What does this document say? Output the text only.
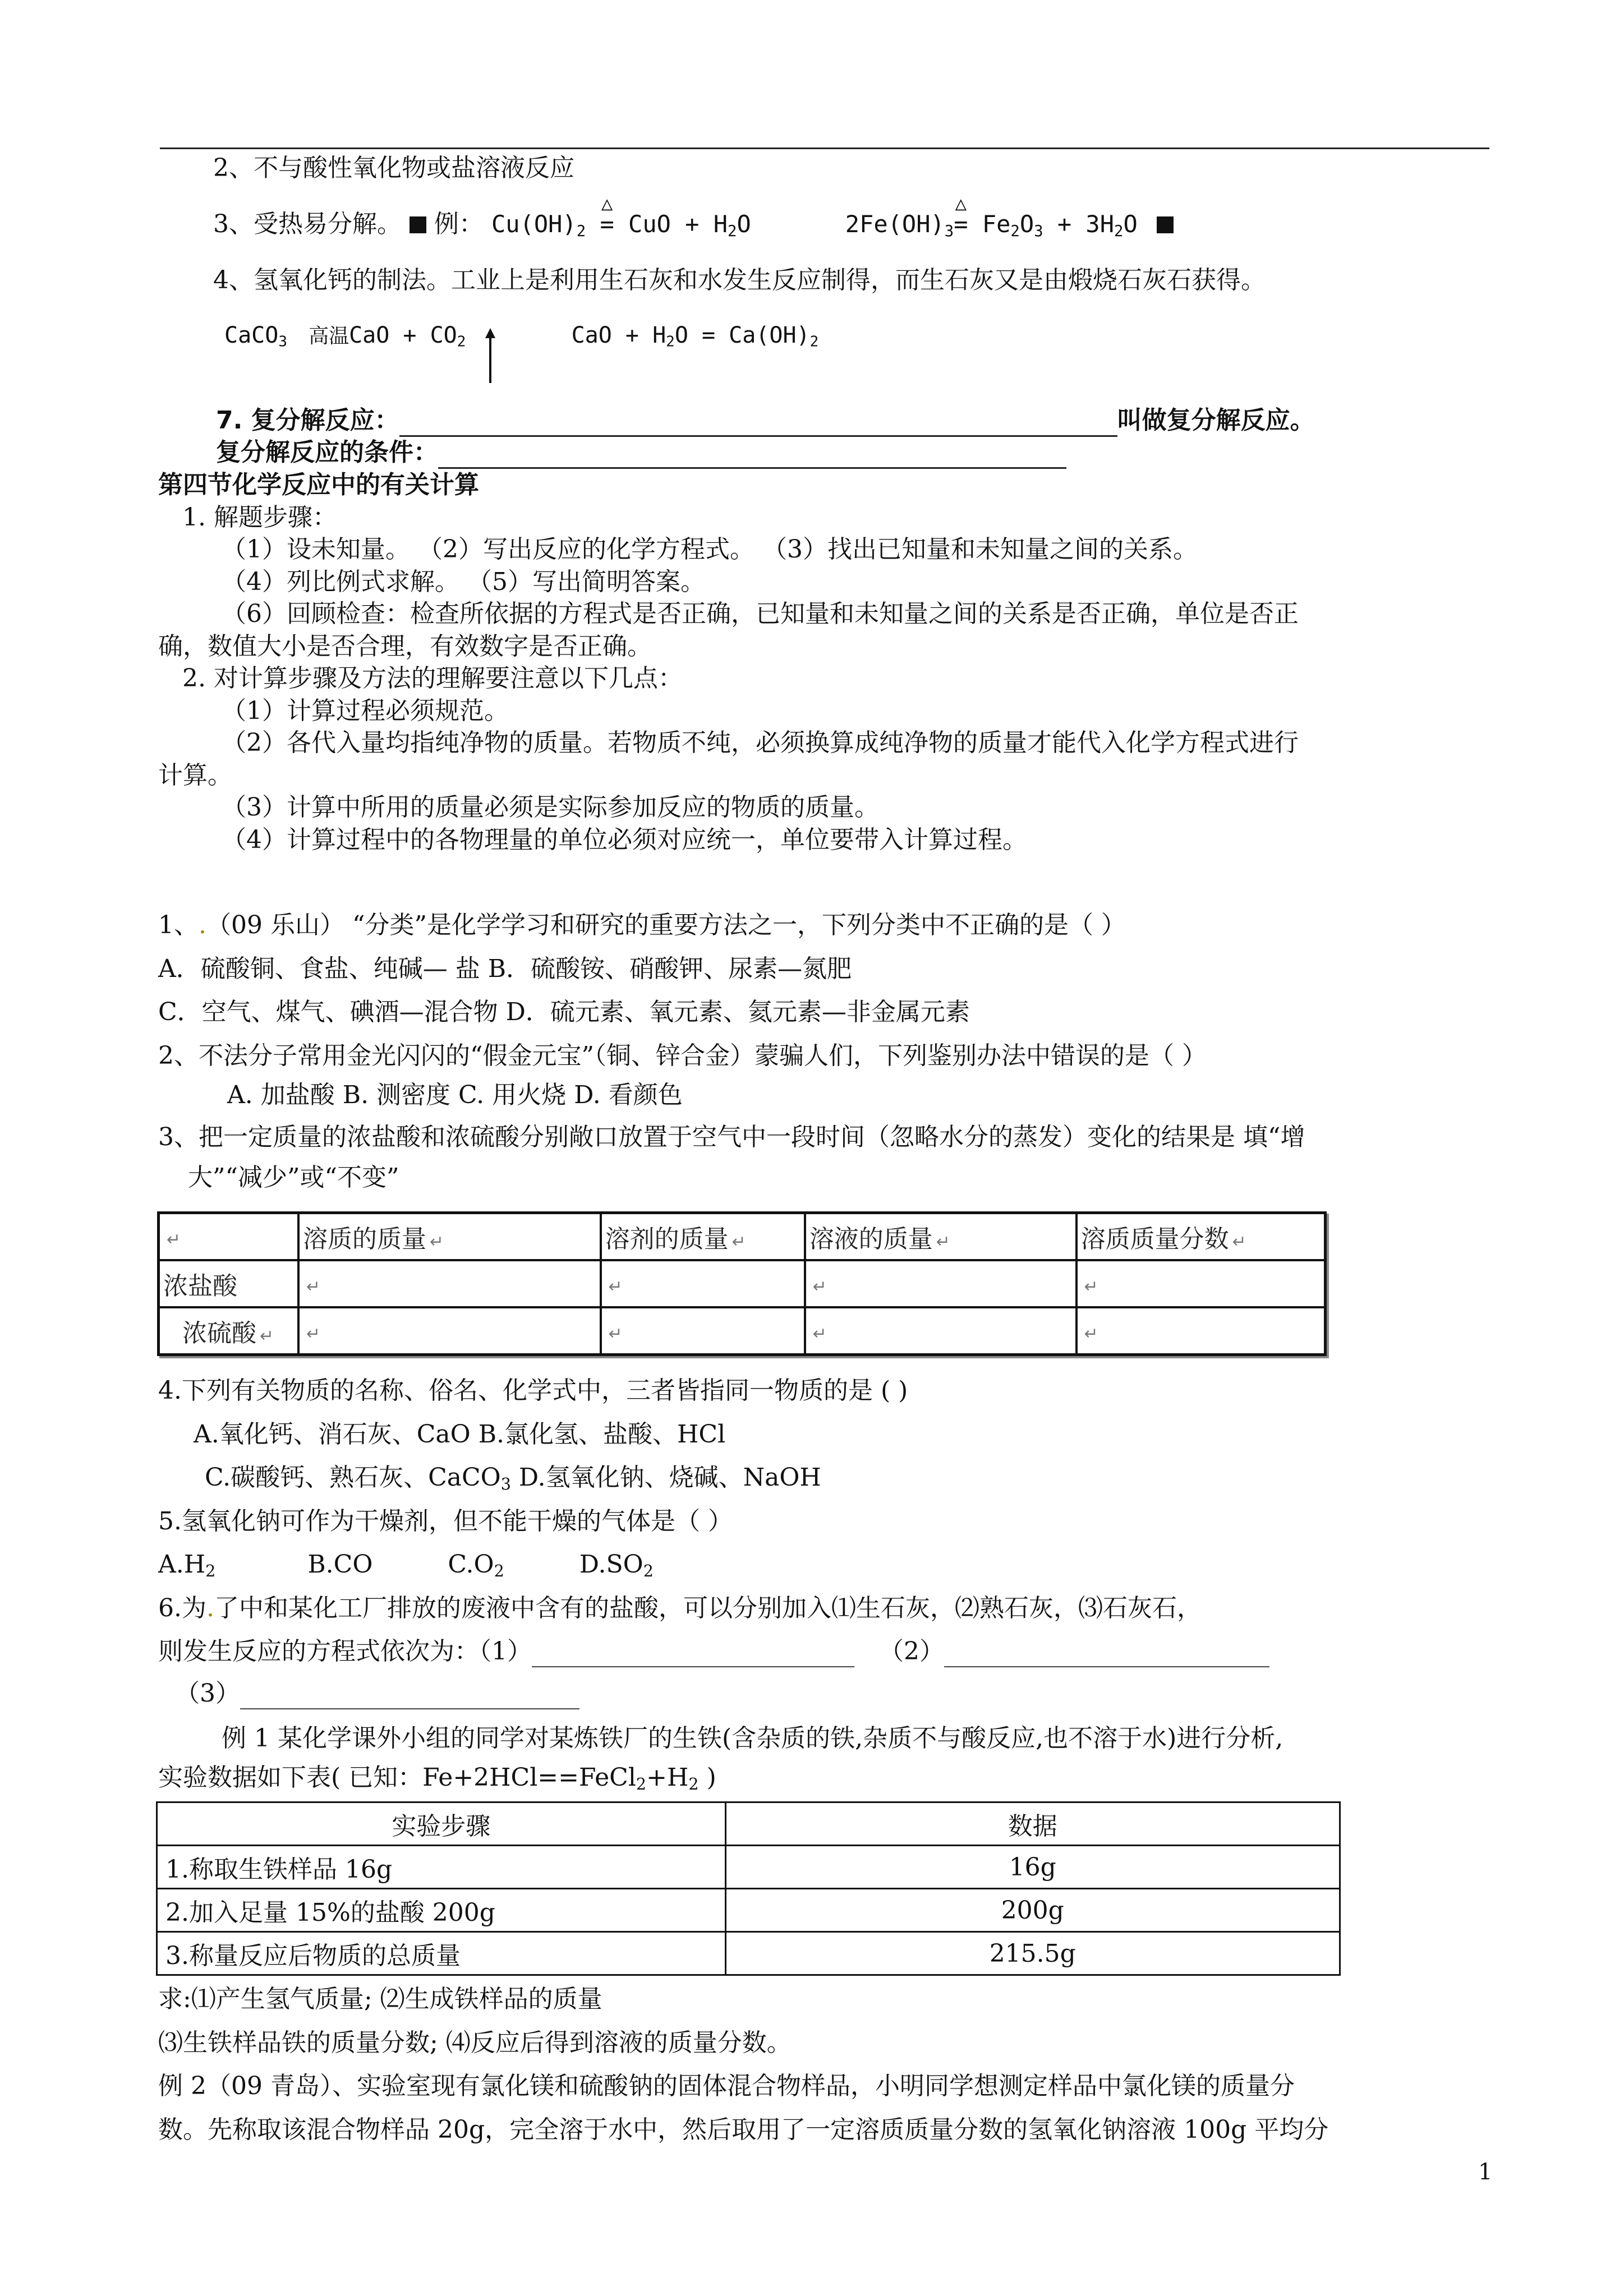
2、不与酸性氧化物或盐溶液反应
3、受热易分解。 例： $Cu(OH)_2$
△
= CuO + $H_2O$	$2Fe(OH)_3$
△
= $Fe_2O_3 + 3H_2O$
4、氢氧化钙的制法。工业上是利用生石灰和水发生反应制得，而生石灰又是由煅烧石灰石获得。
CaCO$_3$ 高温CaO + $CO_2$	CaO + $H_2O = Ca(OH)_2$
7. 复分解反应：	叫做复分解反应。
复分解反应的条件：
第四节化学反应中的有关计算
1. 解题步骤：
（1）设未知量。 （2）写出反应的化学方程式。 （3）找出已知量和未知量之间的关系。
（4）列比例式求解。 （5）写出简明答案。
（6）回顾检查：检查所依据的方程式是否正确，已知量和未知量之间的关系是否正确，单位是否正
确，数值大小是否合理，有效数字是否正确。
2. 对计算步骤及方法的理解要注意以下几点：
（1）计算过程必须规范。
（2）各代入量均指纯净物的质量。若物质不纯，必须换算成纯净物的质量才能代入化学方程式进行
计算。
（3）计算中所用的质量必须是实际参加反应的物质的质量。
（4）计算过程中的各物理量的单位必须对应统一，单位要带入计算过程。
1、.（09 乐山） “分类”是化学学习和研究的重要方法之一，下列分类中不正确的是（ ）
A．硫酸铜、食盐、纯碱— 盐 B．硫酸铵、硝酸钾、尿素—氮肥
C．空气、煤气、碘酒—混合物 D．硫元素、氧元素、氦元素—非金属元素
2、不法分子常用金光闪闪的“假金元宝”（铜、锌合金）蒙骗人们，下列鉴别办法中错误的是（ ）
A. 加盐酸 B. 测密度 C. 用火烧 D. 看颜色
3、把一定质量的浓盐酸和浓硫酸分别敞口放置于空气中一段时间（忽略水分的蒸发）变化的结果是 填“增
大”“减少”或“不变”
↵	溶质的质量 ↵	溶剂的质量 ↵	溶液的质量 ↵	溶质质量分数 ↵
浓盐酸	↵	↵	↵	↵
浓硫酸 ↵	↵	↵	↵	↵
4.下列有关物质的名称、俗名、化学式中，三者皆指同一物质的是 ( )
A.氧化钙、消石灰、CaO B.氯化氢、盐酸、HCl
C.碳酸钙、熟石灰、CaCO$_3$ D.氢氧化钠、烧碱、NaOH
5.氢氧化钠可作为干燥剂，但不能干燥的气体是（ ）
$A.H_2$	B.CO	$C.O_2$	$D.SO_2$
6.为.了中和某化工厂排放的废液中含有的盐酸，可以分别加入⑴生石灰，⑵熟石灰，⑶石灰石，
则发生反应的方程式依次为：（1）	（2）
（3）
例 1 某化学课外小组的同学对某炼铁厂的生铁(含杂质的铁,杂质不与酸反应,也不溶于水)进行分析,
实验数据如下表( 已知：$Fe+2HCl==FeCl_2+H_2$ )
实验步骤	数据
1.称取生铁样品 16g	16g
2.加入足量 15%的盐酸 200g	200g
3.称量反应后物质的总质量	215.5g
求:⑴产生氢气质量; ⑵生成铁样品的质量
⑶生铁样品铁的质量分数; ⑷反应后得到溶液的质量分数。
例 2（09 青岛）、实验室现有氯化镁和硫酸钠的固体混合物样品，小明同学想测定样品中氯化镁的质量分
数。先称取该混合物样品 20g，完全溶于水中，然后取用了一定溶质质量分数的氢氧化钠溶液 100g 平均分
1
